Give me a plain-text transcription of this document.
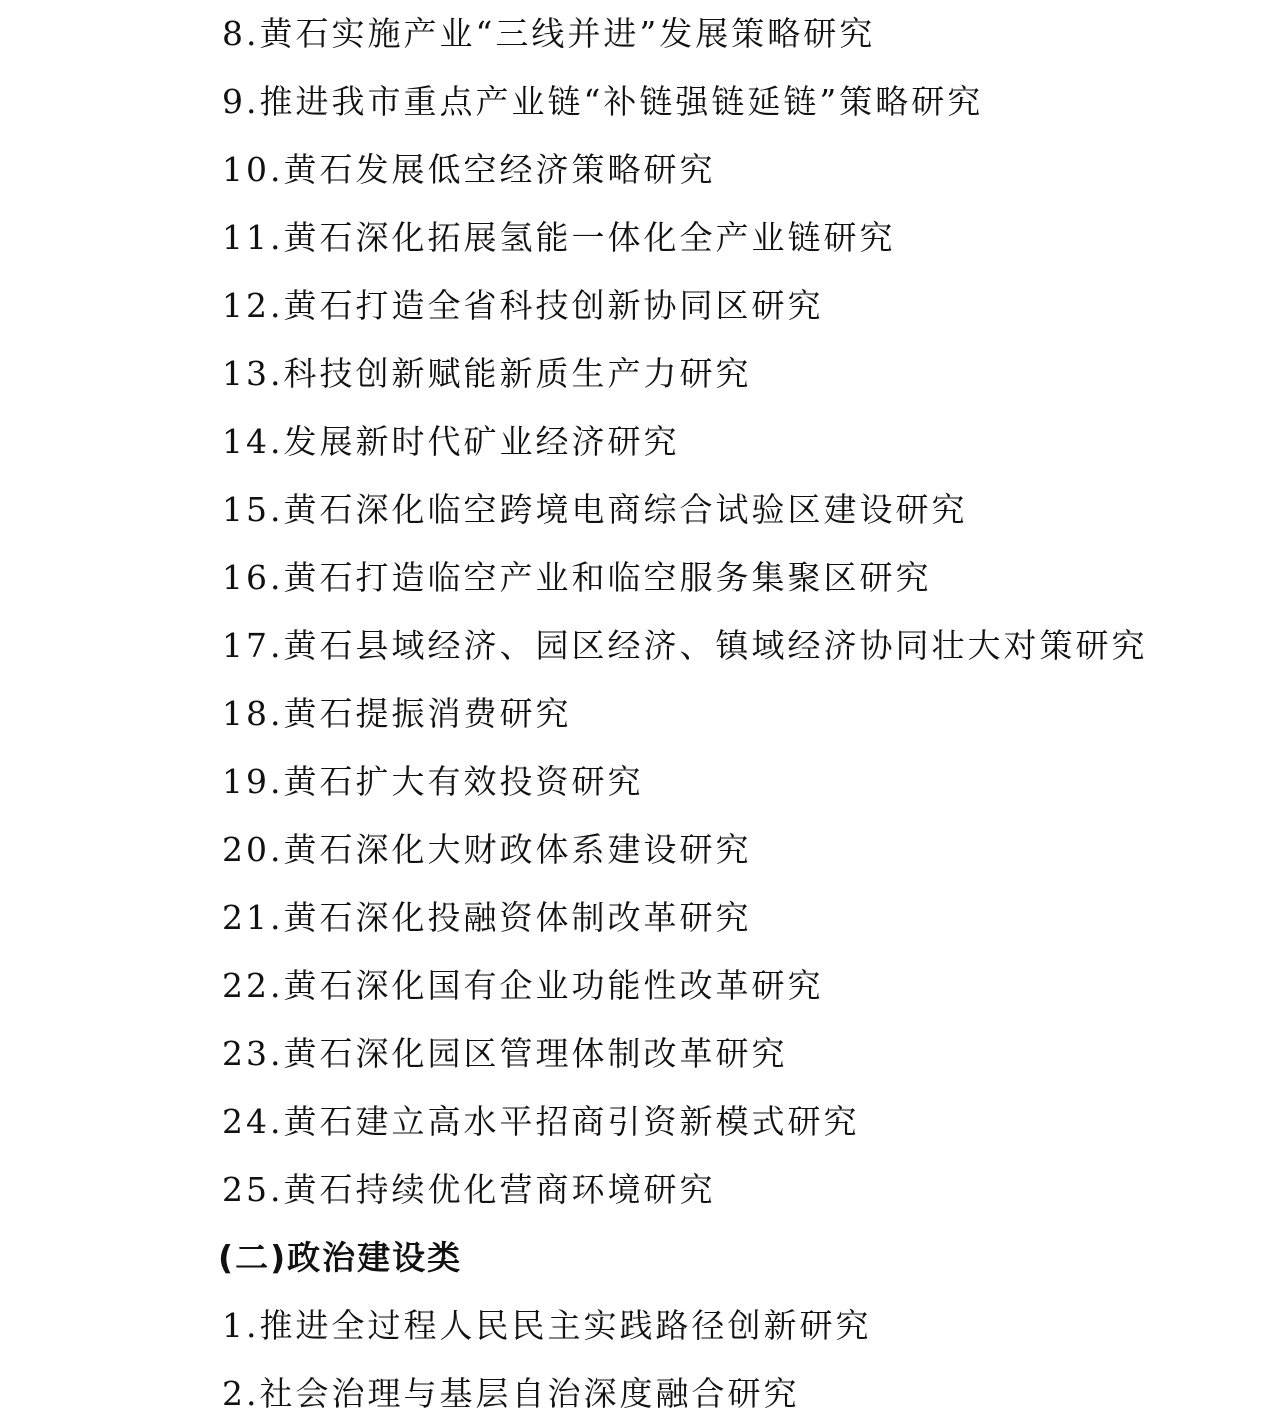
8.黄石实施产业“三线并进”发展策略研究
9.推进我市重点产业链“补链强链延链”策略研究
10.黄石发展低空经济策略研究
11.黄石深化拓展氢能一体化全产业链研究
12.黄石打造全省科技创新协同区研究
13.科技创新赋能新质生产力研究
14.发展新时代矿业经济研究
15.黄石深化临空跨境电商综合试验区建设研究
16.黄石打造临空产业和临空服务集聚区研究
17.黄石县域经济、园区经济、镇域经济协同壮大对策研究
18.黄石提振消费研究
19.黄石扩大有效投资研究
20.黄石深化大财政体系建设研究
21.黄石深化投融资体制改革研究
22.黄石深化国有企业功能性改革研究
23.黄石深化园区管理体制改革研究
24.黄石建立高水平招商引资新模式研究
25.黄石持续优化营商环境研究
(二)政治建设类
1.推进全过程人民民主实践路径创新研究
2.社会治理与基层自治深度融合研究
